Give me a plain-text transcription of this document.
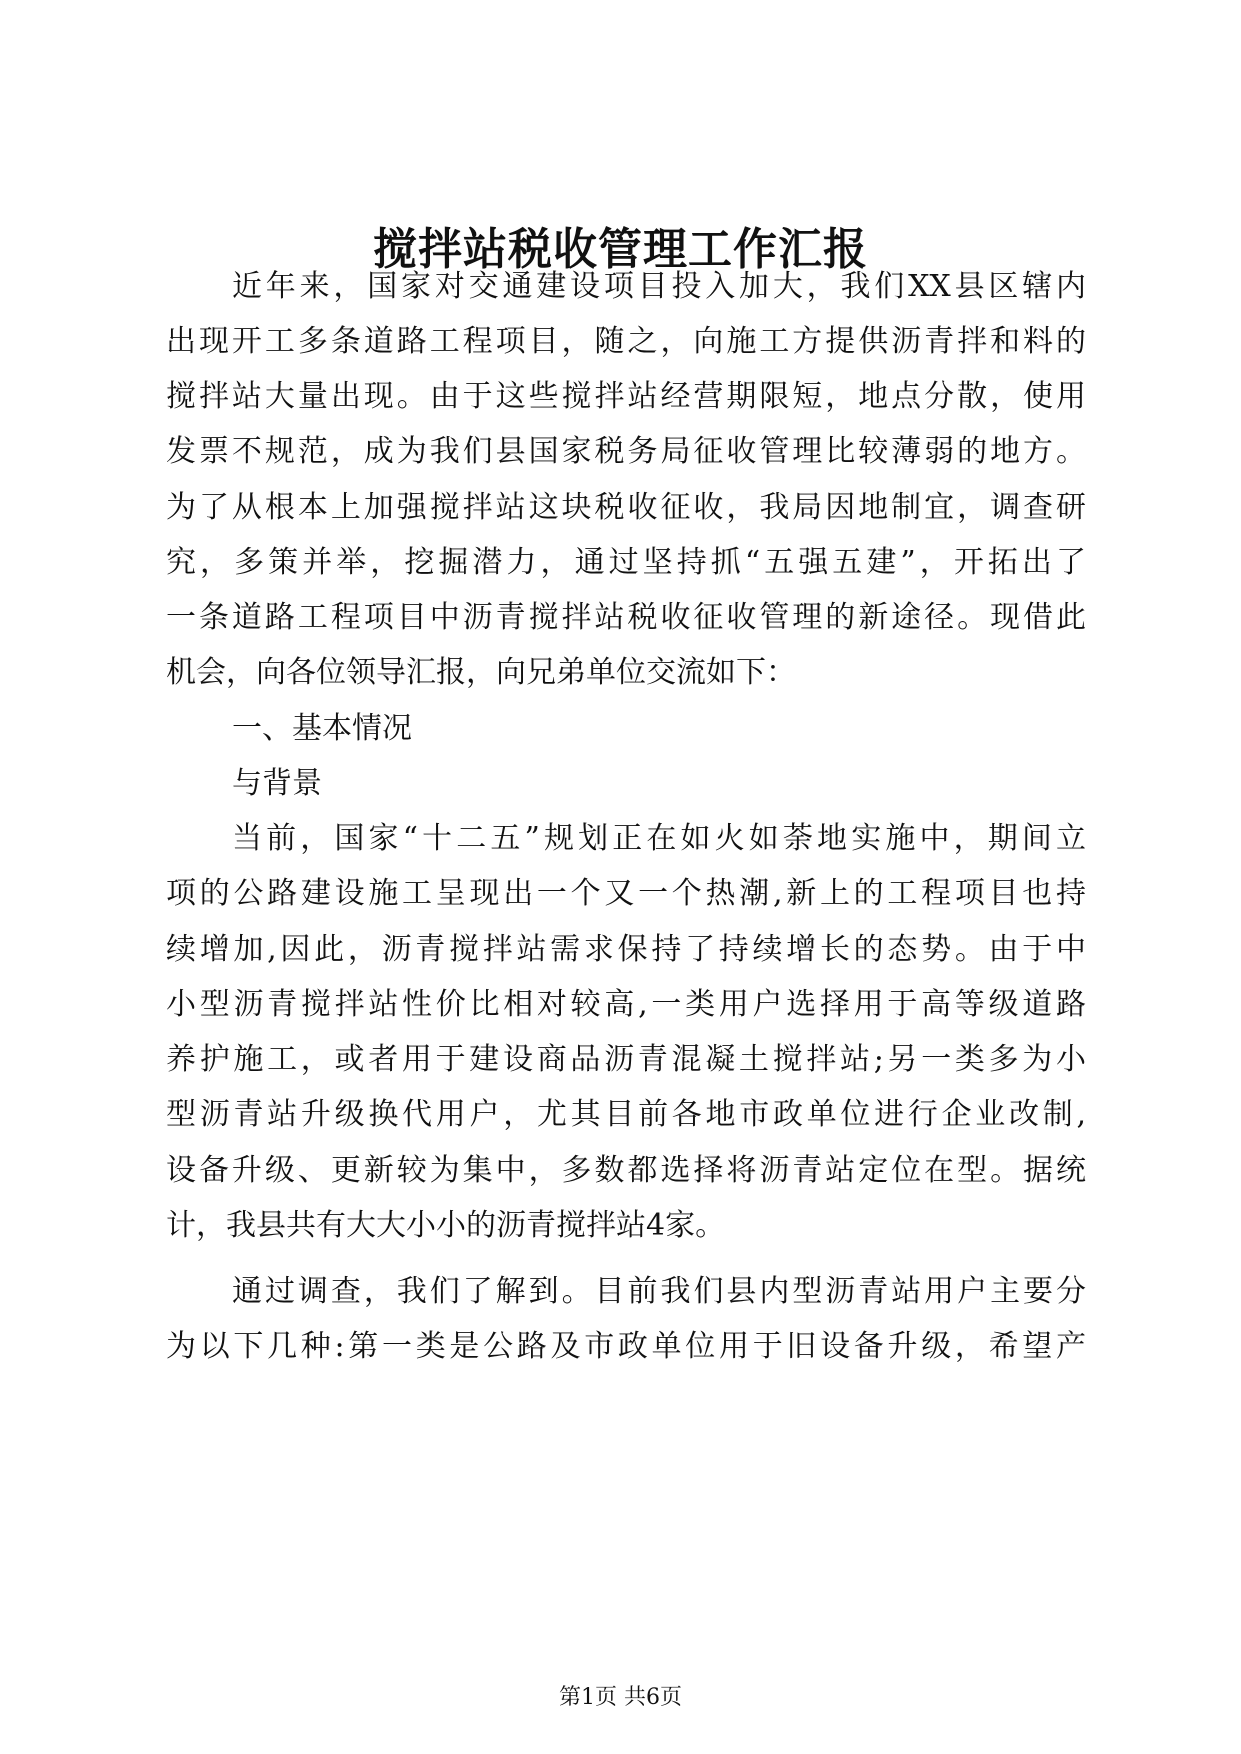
搅拌站税收管理工作汇报

近年来，国家对交通建设项目投入加大，我们XX县区辖内

出现开工多条道路工程项目，随之，向施工方提供沥青拌和料的

搅拌站大量出现。由于这些搅拌站经营期限短，地点分散，使用

发票不规范，成为我们县国家税务局征收管理比较薄弱的地方。

为了从根本上加强搅拌站这块税收征收，我局因地制宜，调查研

究，多策并举，挖掘潜力，通过坚持抓“五强五建”，开拓出了

一条道路工程项目中沥青搅拌站税收征收管理的新途径。现借此

机会，向各位领导汇报，向兄弟单位交流如下：

一、基本情况

与背景

当前，国家“十二五”规划正在如火如荼地实施中，期间立

项的公路建设施工呈现出一个又一个热潮,新上的工程项目也持

续增加,因此，沥青搅拌站需求保持了持续增长的态势。由于中

小型沥青搅拌站性价比相对较高,一类用户选择用于高等级道路

养护施工，或者用于建设商品沥青混凝土搅拌站;另一类多为小

型沥青站升级换代用户，尤其目前各地市政单位进行企业改制,

设备升级、更新较为集中，多数都选择将沥青站定位在型。据统

计，我县共有大大小小的沥青搅拌站4家。

通过调查，我们了解到。目前我们县内型沥青站用户主要分

为以下几种:第一类是公路及市政单位用于旧设备升级，希望产

第1页 共6页
